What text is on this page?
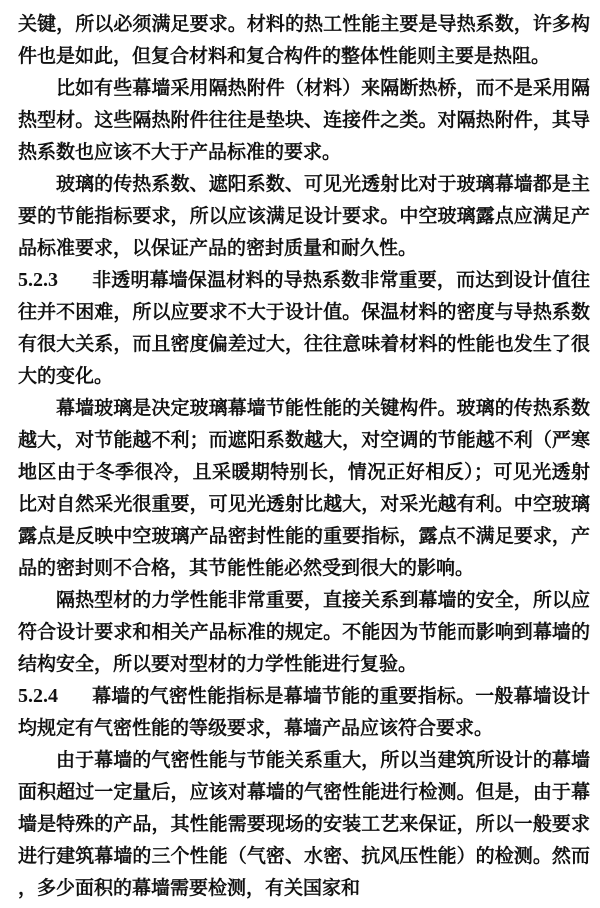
关键，所以必须满足要求。材料的热工性能主要是导热系数，许多构件也是如此，但复合材料和复合构件的整体性能则主要是热阻。

比如有些幕墙采用隔热附件（材料）来隔断热桥，而不是采用隔热型材。这些隔热附件往往是垫块、连接件之类。对隔热附件，其导热系数也应该不大于产品标准的要求。

玻璃的传热系数、遮阳系数、可见光透射比对于玻璃幕墙都是主要的节能指标要求，所以应该满足设计要求。中空玻璃露点应满足产品标准要求，以保证产品的密封质量和耐久性。

5.2.3 非透明幕墙保温材料的导热系数非常重要，而达到设计值往往并不困难，所以应要求不大于设计值。保温材料的密度与导热系数有很大关系，而且密度偏差过大，往往意味着材料的性能也发生了很大的变化。

幕墙玻璃是决定玻璃幕墙节能性能的关键构件。玻璃的传热系数越大，对节能越不利；而遮阳系数越大，对空调的节能越不利（严寒地区由于冬季很冷，且采暖期特别长，情况正好相反）；可见光透射比对自然采光很重要，可见光透射比越大，对采光越有利。中空玻璃露点是反映中空玻璃产品密封性能的重要指标，露点不满足要求，产品的密封则不合格，其节能性能必然受到很大的影响。

隔热型材的力学性能非常重要，直接关系到幕墙的安全，所以应符合设计要求和相关产品标准的规定。不能因为节能而影响到幕墙的结构安全，所以要对型材的力学性能进行复验。

5.2.4 幕墙的气密性能指标是幕墙节能的重要指标。一般幕墙设计均规定有气密性能的等级要求，幕墙产品应该符合要求。

由于幕墙的气密性能与节能关系重大，所以当建筑所设计的幕墙面积超过一定量后，应该对幕墙的气密性能进行检测。但是，由于幕墙是特殊的产品，其性能需要现场的安装工艺来保证，所以一般要求进行建筑幕墙的三个性能（气密、水密、抗风压性能）的检测。然而，多少面积的幕墙需要检测，有关国家和
